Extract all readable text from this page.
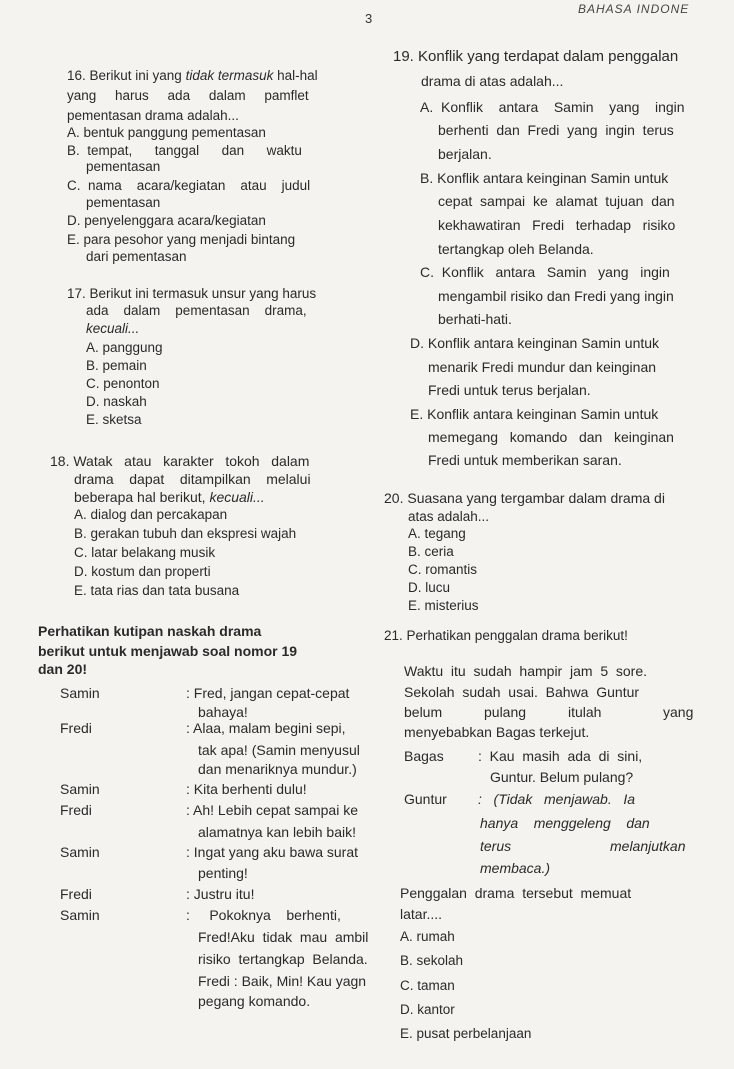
3
BAHASA INDONE
16. Berikut ini yang tidak termasuk hal-hal
yang     harus     ada     dalam     pamflet
pementasan drama adalah...
A. bentuk panggung pementasan
B.  tempat,      tanggal      dan      waktu
pementasan
C.  nama    acara/kegiatan    atau    judul
pementasan
D. penyelenggara acara/kegiatan
E. para pesohor yang menjadi bintang
dari pementasan
17. Berikut ini termasuk unsur yang harus
ada    dalam    pementasan    drama,
kecuali...
A. panggung
B. pemain
C. penonton
D. naskah
E. sketsa
18. Watak   atau   karakter   tokoh   dalam
drama    dapat    ditampilkan    melalui
beberapa hal berikut, kecuali...
A. dialog dan percakapan
B. gerakan tubuh dan ekspresi wajah
C. latar belakang musik
D. kostum dan properti
E. tata rias dan tata busana
Perhatikan kutipan naskah drama
berikut untuk menjawab soal nomor 19
dan 20!
Samin	: Fred, jangan cepat-cepat
bahaya!
Fredi	: Alaa, malam begini sepi,
tak apa! (Samin menyusul
dan menariknya mundur.)
Samin	: Kita berhenti dulu!
Fredi	: Ah! Lebih cepat sampai ke
alamatnya kan lebih baik!
Samin	: Ingat yang aku bawa surat
penting!
Fredi	: Justru itu!
Samin	:     Pokoknya    berhenti,
Fred!Aku  tidak  mau  ambil
risiko  tertangkap  Belanda.
Fredi : Baik, Min! Kau yagn
pegang komando.
19. Konflik yang terdapat dalam penggalan
drama di atas adalah...
A.  Konflik    antara    Samin    yang    ingin
berhenti  dan  Fredi  yang  ingin  terus
berjalan.
B. Konflik antara keinginan Samin untuk
cepat  sampai  ke  alamat  tujuan  dan
kekhawatiran   Fredi   terhadap   risiko
tertangkap oleh Belanda.
C.  Konflik   antara   Samin   yang   ingin
mengambil risiko dan Fredi yang ingin
berhati-hati.
D. Konflik antara keinginan Samin untuk
menarik Fredi mundur dan keinginan
Fredi untuk terus berjalan.
E. Konflik antara keinginan Samin untuk
memegang   komando   dan   keinginan
Fredi untuk memberikan saran.
20. Suasana yang tergambar dalam drama di
atas adalah...
A. tegang
B. ceria
C. romantis
D. lucu
E. misterius
21. Perhatikan penggalan drama berikut!
Waktu  itu  sudah  hampir  jam  5  sore.
Sekolah  sudah  usai.  Bahwa  Guntur
belum	pulang	itulah	yang
menyebabkan Bagas terkejut.
Bagas :  Kau  masih  ada  di  sini,
Guntur. Belum pulang?
Guntur :   (Tidak   menjawab.   Ia
hanya    menggeleng    dan
terus	melanjutkan
membaca.)
Penggalan  drama  tersebut  memuat
latar....
A. rumah
B. sekolah
C. taman
D. kantor
E. pusat perbelanjaan
